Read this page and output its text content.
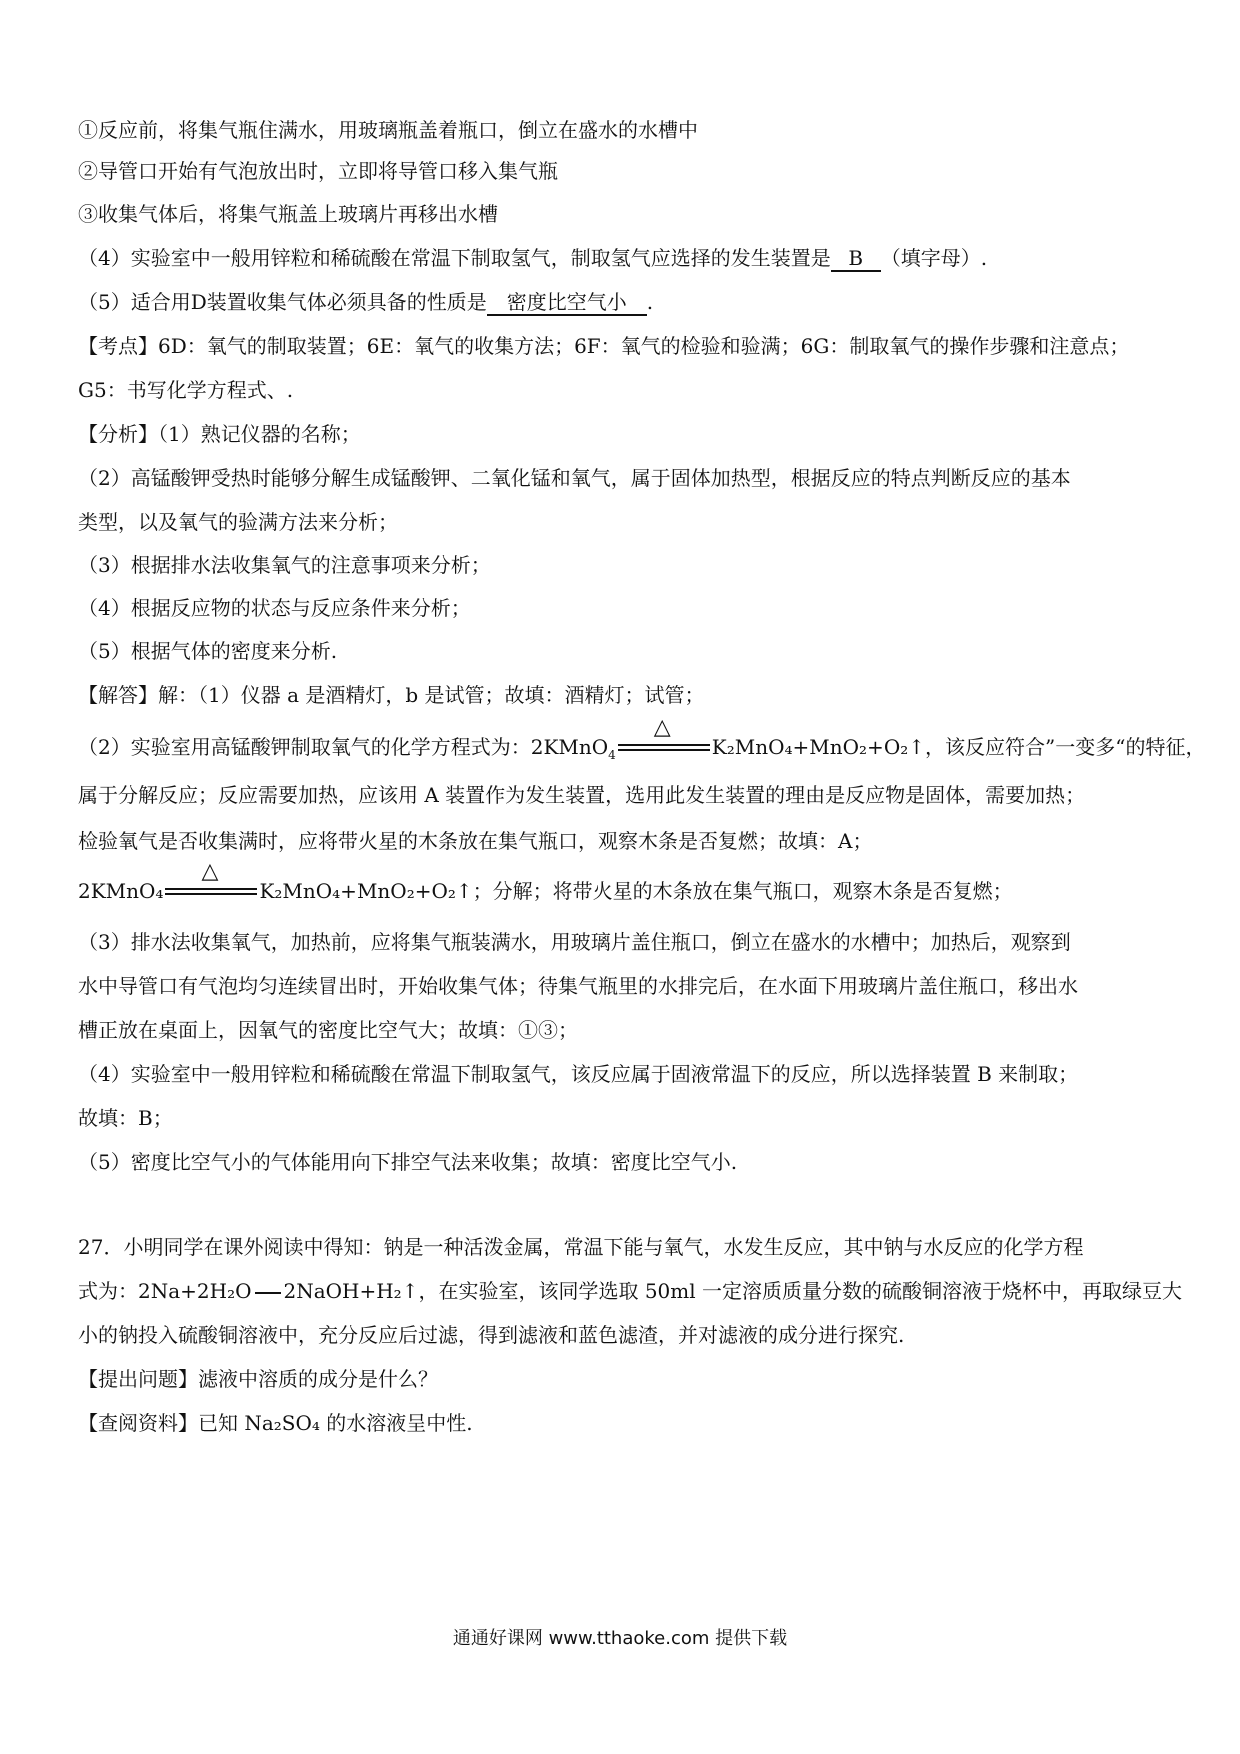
①反应前，将集气瓶住满水，用玻璃瓶盖着瓶口，倒立在盛水的水槽中
②导管口开始有气泡放出时，立即将导管口移入集气瓶
③收集气体后，将集气瓶盖上玻璃片再移出水槽
（4）实验室中一般用锌粒和稀硫酸在常温下制取氢气，制取氢气应选择的发生装置是 B （填字母）.
（5）适合用D装置收集气体必须具备的性质是 密度比空气小 .
【考点】6D：氧气的制取装置；6E：氧气的收集方法；6F：氧气的检验和验满；6G：制取氧气的操作步骤和注意点；
G5：书写化学方程式、.
【分析】（1）熟记仪器的名称；
（2）高锰酸钾受热时能够分解生成锰酸钾、二氧化锰和氧气，属于固体加热型，根据反应的特点判断反应的基本
类型，以及氧气的验满方法来分析；
（3）根据排水法收集氧气的注意事项来分析；
（4）根据反应物的状态与反应条件来分析；
（5）根据气体的密度来分析.
【解答】解：（1）仪器 a 是酒精灯，b 是试管；故填：酒精灯；试管；
（2）实验室用高锰酸钾制取氧气的化学方程式为：2KMnO$_4$
△
K₂MnO₄+MnO₂+O₂↑，该反应符合”一变多“的特征，
属于分解反应；反应需要加热，应该用 A 装置作为发生装置，选用此发生装置的理由是反应物是固体，需要加热；
检验氧气是否收集满时，应将带火星的木条放在集气瓶口，观察木条是否复燃；故填：A；
2KMnO₄
△
K₂MnO₄+MnO₂+O₂↑；分解；将带火星的木条放在集气瓶口，观察木条是否复燃；
（3）排水法收集氧气，加热前，应将集气瓶装满水，用玻璃片盖住瓶口，倒立在盛水的水槽中；加热后，观察到
水中导管口有气泡均匀连续冒出时，开始收集气体；待集气瓶里的水排完后，在水面下用玻璃片盖住瓶口，移出水
槽正放在桌面上，因氧气的密度比空气大；故填：①③；
（4）实验室中一般用锌粒和稀硫酸在常温下制取氢气，该反应属于固液常温下的反应，所以选择装置 B 来制取；
故填：B；
（5）密度比空气小的气体能用向下排空气法来收集；故填：密度比空气小.
27．小明同学在课外阅读中得知：钠是一种活泼金属，常温下能与氧气，水发生反应，其中钠与水反应的化学方程
式为：2Na+2H₂O 2NaOH+H₂↑，在实验室，该同学选取 50ml 一定溶质质量分数的硫酸铜溶液于烧杯中，再取绿豆大
小的钠投入硫酸铜溶液中，充分反应后过滤，得到滤液和蓝色滤渣，并对滤液的成分进行探究.
【提出问题】滤液中溶质的成分是什么？
【查阅资料】已知 Na₂SO₄ 的水溶液呈中性.
通通好课网 www.tthaoke.com 提供下载
